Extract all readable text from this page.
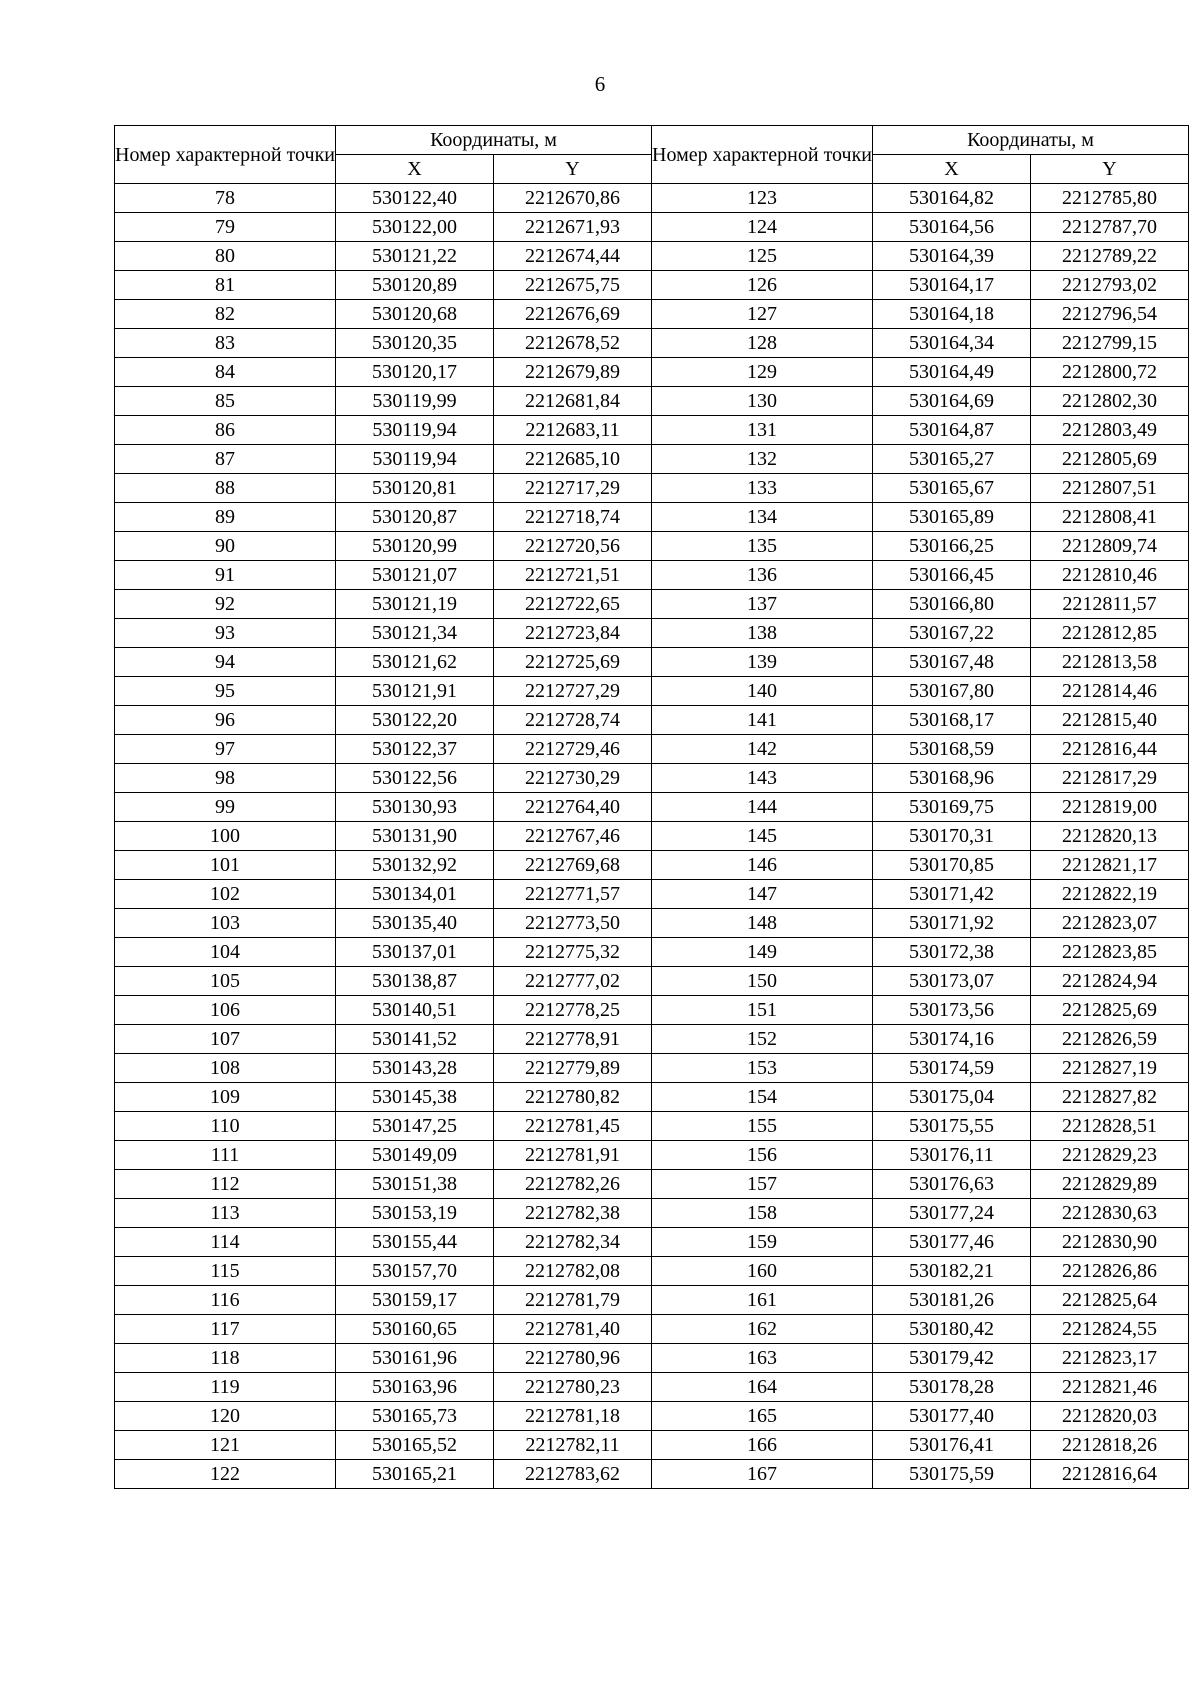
6
Номер характерной точки	Координаты, м	
	X	Y
78	530122,40	2212670,86
79	530122,00	2212671,93
80	530121,22	2212674,44
81	530120,89	2212675,75
82	530120,68	2212676,69
83	530120,35	2212678,52
84	530120,17	2212679,89
85	530119,99	2212681,84
86	530119,94	2212683,11
87	530119,94	2212685,10
88	530120,81	2212717,29
89	530120,87	2212718,74
90	530120,99	2212720,56
91	530121,07	2212721,51
92	530121,19	2212722,65
93	530121,34	2212723,84
94	530121,62	2212725,69
95	530121,91	2212727,29
96	530122,20	2212728,74
97	530122,37	2212729,46
98	530122,56	2212730,29
99	530130,93	2212764,40
100	530131,90	2212767,46
101	530132,92	2212769,68
102	530134,01	2212771,57
103	530135,40	2212773,50
104	530137,01	2212775,32
105	530138,87	2212777,02
106	530140,51	2212778,25
107	530141,52	2212778,91
108	530143,28	2212779,89
109	530145,38	2212780,82
110	530147,25	2212781,45
111	530149,09	2212781,91
112	530151,38	2212782,26
113	530153,19	2212782,38
114	530155,44	2212782,34
115	530157,70	2212782,08
116	530159,17	2212781,79
117	530160,65	2212781,40
118	530161,96	2212780,96
119	530163,96	2212780,23
120	530165,73	2212781,18
121	530165,52	2212782,11
122	530165,21	2212783,62
Номер характерной точки	Координаты, м	
	X	Y
123	530164,82	2212785,80
124	530164,56	2212787,70
125	530164,39	2212789,22
126	530164,17	2212793,02
127	530164,18	2212796,54
128	530164,34	2212799,15
129	530164,49	2212800,72
130	530164,69	2212802,30
131	530164,87	2212803,49
132	530165,27	2212805,69
133	530165,67	2212807,51
134	530165,89	2212808,41
135	530166,25	2212809,74
136	530166,45	2212810,46
137	530166,80	2212811,57
138	530167,22	2212812,85
139	530167,48	2212813,58
140	530167,80	2212814,46
141	530168,17	2212815,40
142	530168,59	2212816,44
143	530168,96	2212817,29
144	530169,75	2212819,00
145	530170,31	2212820,13
146	530170,85	2212821,17
147	530171,42	2212822,19
148	530171,92	2212823,07
149	530172,38	2212823,85
150	530173,07	2212824,94
151	530173,56	2212825,69
152	530174,16	2212826,59
153	530174,59	2212827,19
154	530175,04	2212827,82
155	530175,55	2212828,51
156	530176,11	2212829,23
157	530176,63	2212829,89
158	530177,24	2212830,63
159	530177,46	2212830,90
160	530182,21	2212826,86
161	530181,26	2212825,64
162	530180,42	2212824,55
163	530179,42	2212823,17
164	530178,28	2212821,46
165	530177,40	2212820,03
166	530176,41	2212818,26
167	530175,59	2212816,64
